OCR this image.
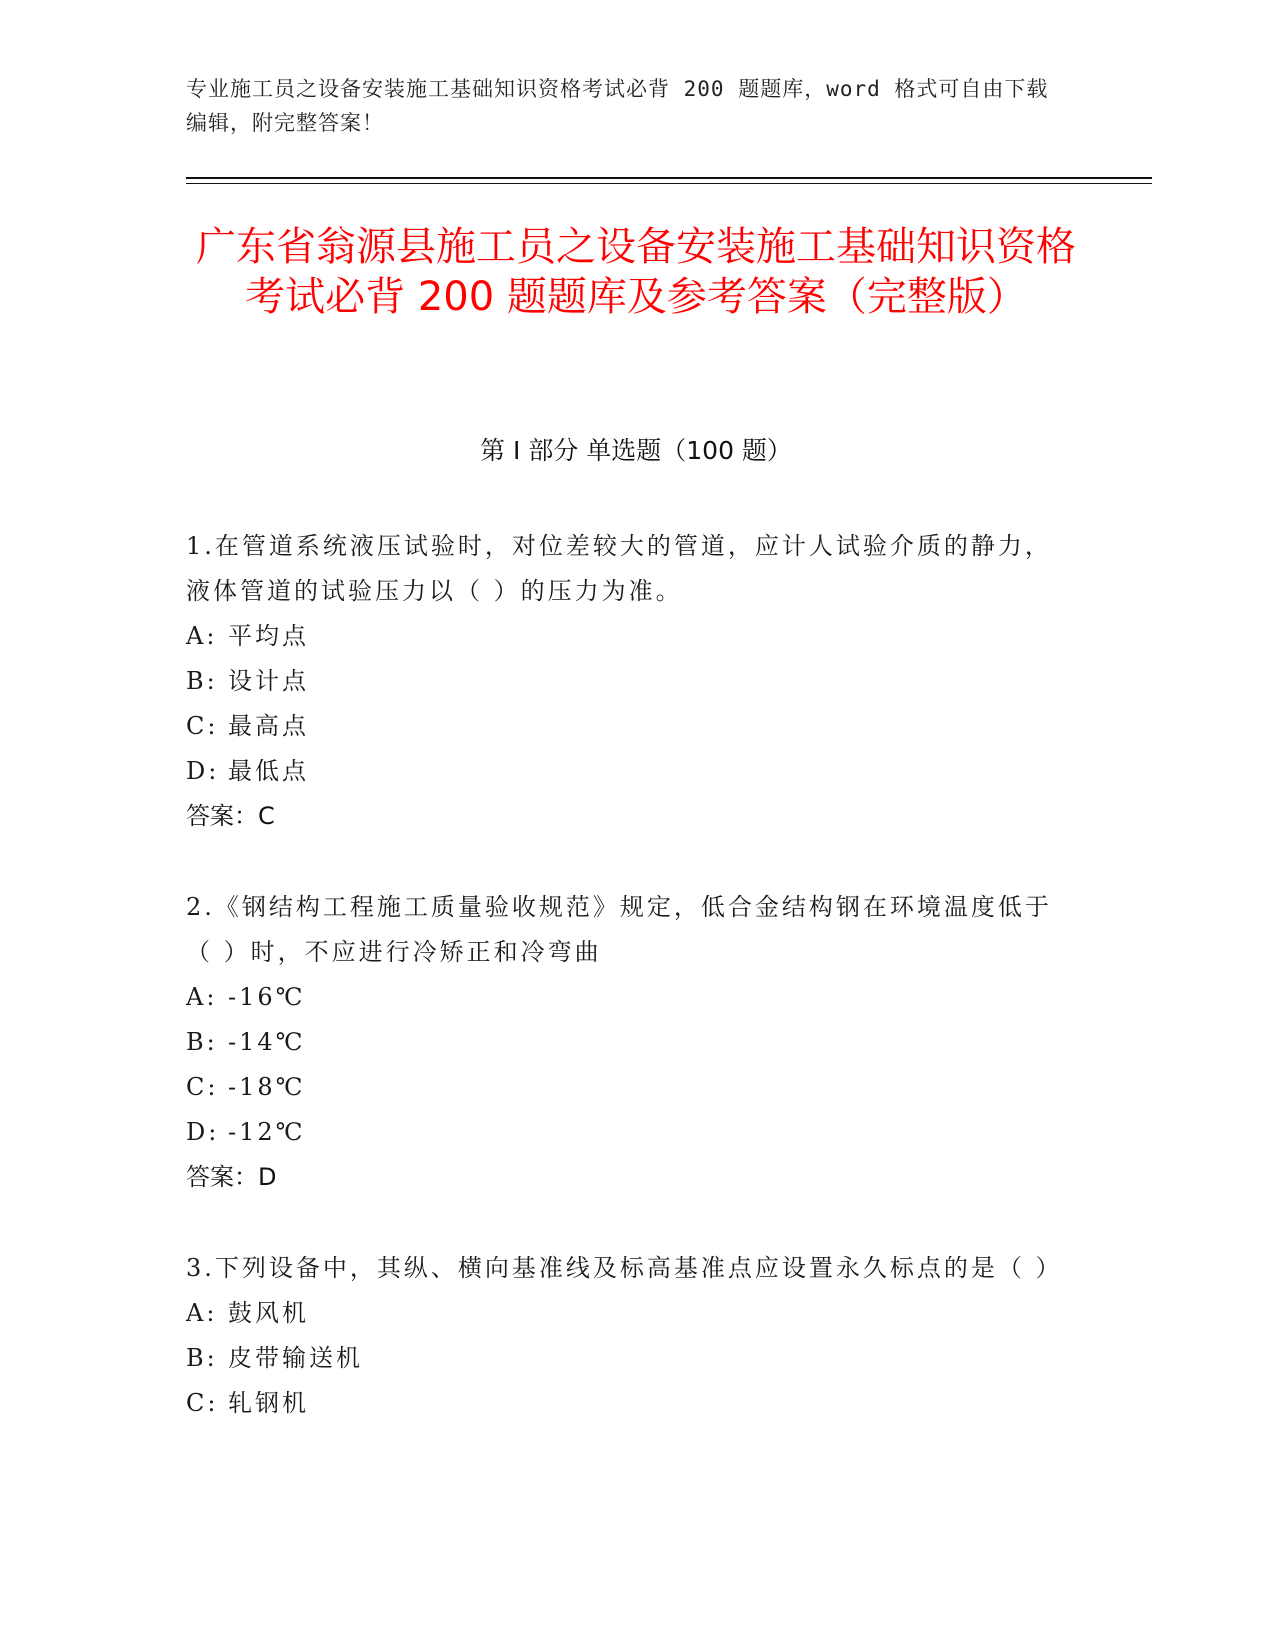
专业施工员之设备安装施工基础知识资格考试必背 200 题题库，word 格式可自由下载编辑，附完整答案！
广东省翁源县施工员之设备安装施工基础知识资格考试必背 200 题题库及参考答案（完整版）
第 I 部分 单选题（100 题）
1.在管道系统液压试验时，对位差较大的管道，应计人试验介质的静力，液体管道的试验压力以（ ）的压力为准。
A: 平均点
B: 设计点
C: 最高点
D: 最低点
答案：C
2.《钢结构工程施工质量验收规范》规定，低合金结构钢在环境温度低于（ ）时，不应进行冷矫正和冷弯曲
A: -16℃
B: -14℃
C: -18℃
D: -12℃
答案：D
3.下列设备中，其纵、横向基准线及标高基准点应设置永久标点的是（ ）
A: 鼓风机
B: 皮带输送机
C: 轧钢机
